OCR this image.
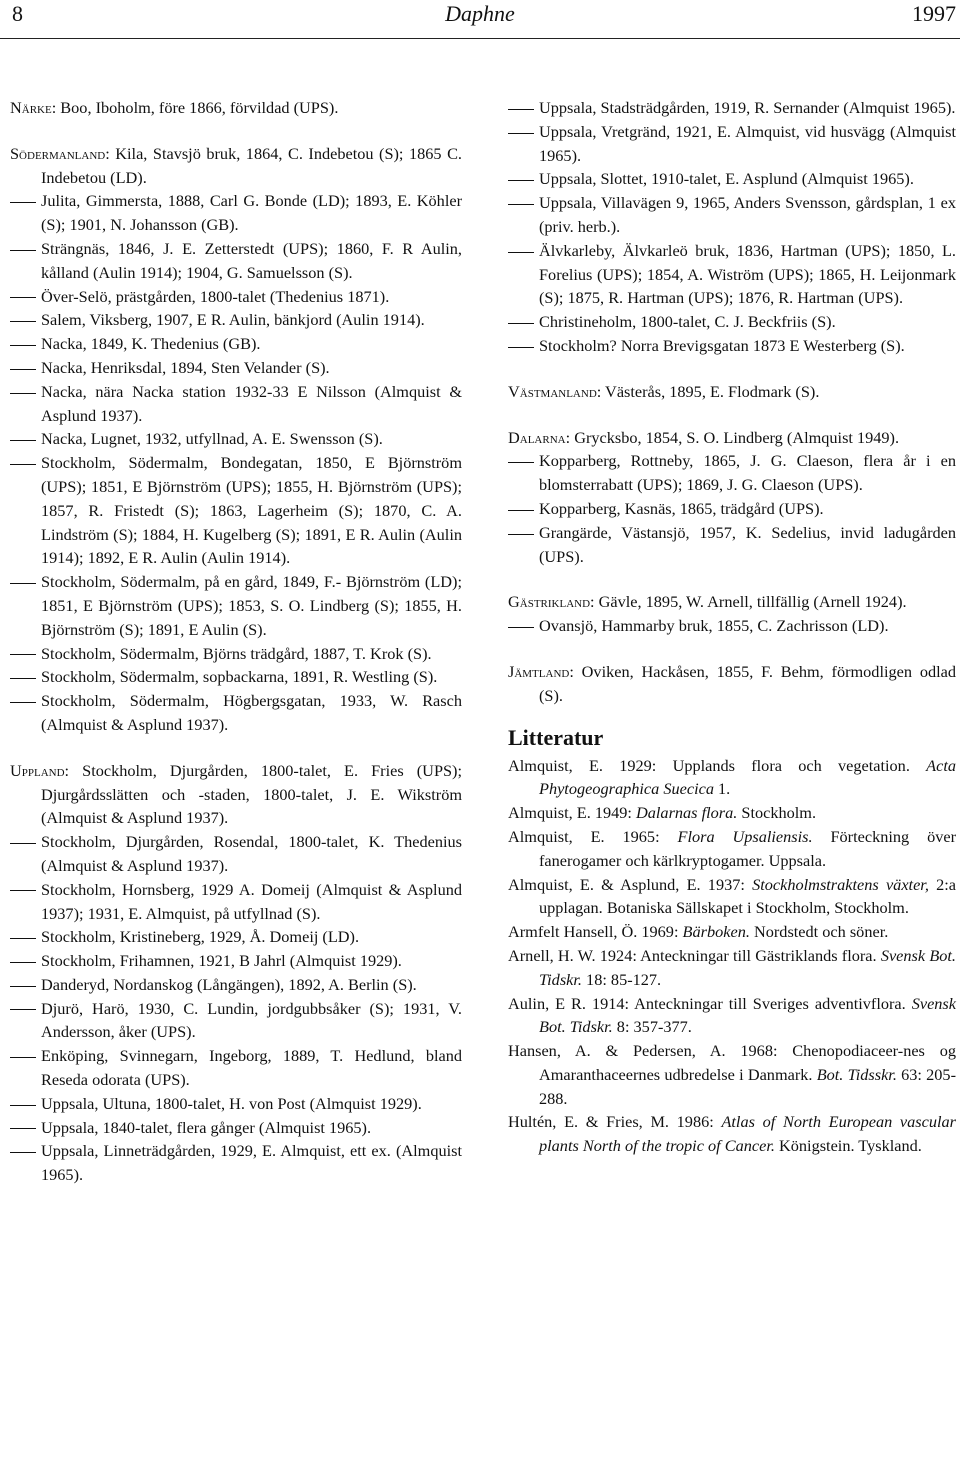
Daphne
8	1997

Närke: Boo, Iboholm, före 1866, förvildad (UPS).

Södermanland: Kila, Stavsjö bruk, 1864, C. Indebetou (S); 1865 C. Indebetou (LD).

Julita, Gimmersta, 1888, Carl G. Bonde (LD); 1893, E. Köhler (S); 1901, N. Johansson (GB).

Strängnäs, 1846, J. E. Zetterstedt (UPS); 1860, F. R Aulin, kålland (Aulin 1914); 1904, G. Samuelsson (S).

Över-Selö, prästgården, 1800-talet (Thedenius 1871).

Salem, Viksberg, 1907, E R. Aulin, bänkjord (Aulin 1914).

Nacka, 1849, K. Thedenius (GB).

Nacka, Henriksdal, 1894, Sten Velander (S).

Nacka, nära Nacka station 1932-33 E Nilsson (Almquist & Asplund 1937).

Nacka, Lugnet, 1932, utfyllnad, A. E. Swensson (S).

Stockholm, Södermalm, Bondegatan, 1850, E Björnström (UPS); 1851, E Björnström (UPS); 1855, H. Björnström (UPS); 1857, R. Fristedt (S); 1863, Lagerheim (S); 1870, C. A. Lindström (S); 1884, H. Kugelberg (S); 1891, E R. Aulin (Aulin 1914); 1892, E R. Aulin (Aulin 1914).

Stockholm, Södermalm, på en gård, 1849, F.- Björnström (LD); 1851, E Björnström (UPS); 1853, S. O. Lindberg (S); 1855, H. Björnström (S); 1891, E Aulin (S).

Stockholm, Södermalm, Björns trädgård, 1887, T. Krok (S).

Stockholm, Södermalm, sopbackarna, 1891, R. Westling (S).

Stockholm, Södermalm, Högbergsgatan, 1933, W. Rasch (Almquist & Asplund 1937).

Uppland: Stockholm, Djurgården, 1800-talet, E. Fries (UPS); Djurgårdsslätten och -staden, 1800-talet, J. E. Wikström (Almquist & Asplund 1937).

Stockholm, Djurgården, Rosendal, 1800-talet, K. Thedenius (Almquist & Asplund 1937).

Stockholm, Hornsberg, 1929 A. Domeij (Almquist & Asplund 1937); 1931, E. Almquist, på utfyllnad (S).

Stockholm, Kristineberg, 1929, Å. Domeij (LD).

Stockholm, Frihamnen, 1921, B Jahrl (Almquist 1929).

Danderyd, Nordanskog (Långängen), 1892, A. Berlin (S).

Djurö, Harö, 1930, C. Lundin, jordgubbsåker (S); 1931, V. Andersson, åker (UPS).

Enköping, Svinnegarn, Ingeborg, 1889, T. Hedlund, bland Reseda odorata (UPS).

Uppsala, Ultuna, 1800-talet, H. von Post (Almquist 1929).

Uppsala, 1840-talet, flera gånger (Almquist 1965).

Uppsala, Linneträdgården, 1929, E. Almquist, ett ex. (Almquist 1965).

Uppsala, Stadsträdgården, 1919, R. Sernander (Almquist 1965).

Uppsala, Vretgränd, 1921, E. Almquist, vid husvägg (Almquist 1965).

Uppsala, Slottet, 1910-talet, E. Asplund (Almquist 1965).

Uppsala, Villavägen 9, 1965, Anders Svensson, gårdsplan, 1 ex (priv. herb.).

Älvkarleby, Älvkarleö bruk, 1836, Hartman (UPS); 1850, L. Forelius (UPS); 1854, A. Wiström (UPS); 1865, H. Leijonmark (S); 1875, R. Hartman (UPS); 1876, R. Hartman (UPS).

Christineholm, 1800-talet, C. J. Beckfriis (S).

Stockholm? Norra Brevigsgatan 1873 E Westerberg (S).

Västmanland: Västerås, 1895, E. Flodmark (S).

Dalarna: Grycksbo, 1854, S. O. Lindberg (Almquist 1949).

Kopparberg, Rottneby, 1865, J. G. Claeson, flera år i en blomsterrabatt (UPS); 1869, J. G. Claeson (UPS).

Kopparberg, Kasnäs, 1865, trädgård (UPS).

Grangärde, Västansjö, 1957, K. Sedelius, invid ladugården (UPS).

Gästrikland: Gävle, 1895, W. Arnell, tillfällig (Arnell 1924).

Ovansjö, Hammarby bruk, 1855, C. Zachrisson (LD).

Jämtland: Oviken, Hackåsen, 1855, F. Behm, förmodligen odlad (S).

Litteratur

Almquist, E. 1929: Upplands flora och vegetation. Acta Phytogeographica Suecica 1.

Almquist, E. 1949: Dalarnas flora. Stockholm.

Almquist, E. 1965: Flora Upsaliensis. Förteckning över fanerogamer och kärlkryptogamer. Uppsala.

Almquist, E. & Asplund, E. 1937: Stockholmstraktens växter, 2:a upplagan. Botaniska Sällskapet i Stockholm, Stockholm.

Armfelt Hansell, Ö. 1969: Bärboken. Nordstedt och söner.

Arnell, H. W. 1924: Anteckningar till Gästriklands flora. Svensk Bot. Tidskr. 18: 85-127.

Aulin, E R. 1914: Anteckningar till Sveriges adventivflora. Svensk Bot. Tidskr. 8: 357-377.

Hansen, A. & Pedersen, A. 1968: Chenopodiaceer-nes og Amaranthaceernes udbredelse i Danmark. Bot. Tidsskr. 63: 205-288.

Hultén, E. & Fries, M. 1986: Atlas of North European vascular plants North of the tropic of Cancer. Königstein. Tyskland.
